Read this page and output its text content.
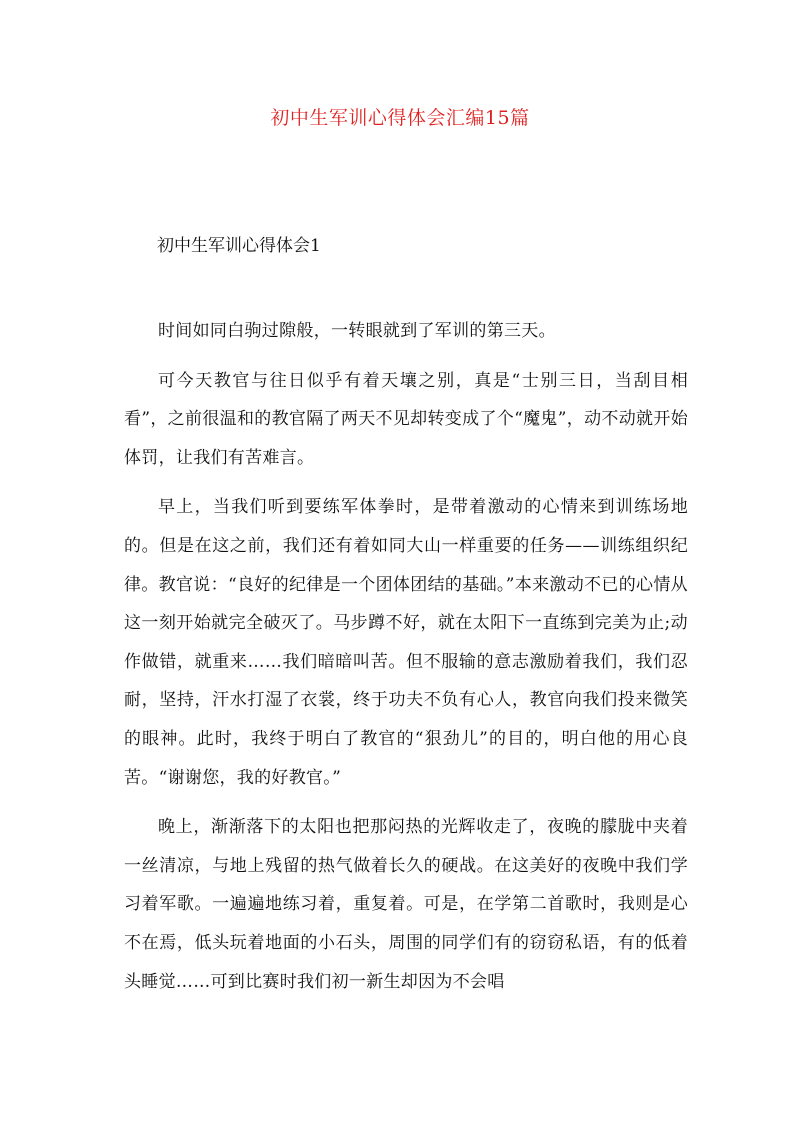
初中生军训心得体会汇编15篇
初中生军训心得体会1

时间如同白驹过隙般，一转眼就到了军训的第三天。

可今天教官与往日似乎有着天壤之别，真是“士别三日，当刮目相看”，之前很温和的教官隔了两天不见却转变成了个“魔鬼”，动不动就开始体罚，让我们有苦难言。

早上，当我们听到要练军体拳时，是带着激动的心情来到训练场地的。但是在这之前，我们还有着如同大山一样重要的任务——训练组织纪律。教官说：“良好的纪律是一个团体团结的基础。”本来激动不已的心情从这一刻开始就完全破灭了。马步蹲不好，就在太阳下一直练到完美为止;动作做错，就重来……我们暗暗叫苦。但不服输的意志激励着我们，我们忍耐，坚持，汗水打湿了衣裳，终于功夫不负有心人，教官向我们投来微笑的眼神。此时，我终于明白了教官的“狠劲儿”的目的，明白他的用心良苦。“谢谢您，我的好教官。”

晚上，渐渐落下的太阳也把那闷热的光辉收走了，夜晚的朦胧中夹着一丝清凉，与地上残留的热气做着长久的硬战。在这美好的夜晚中我们学习着军歌。一遍遍地练习着，重复着。可是，在学第二首歌时，我则是心不在焉，低头玩着地面的小石头，周围的同学们有的窃窃私语，有的低着头睡觉……可到比赛时我们初一新生却因为不会唱
